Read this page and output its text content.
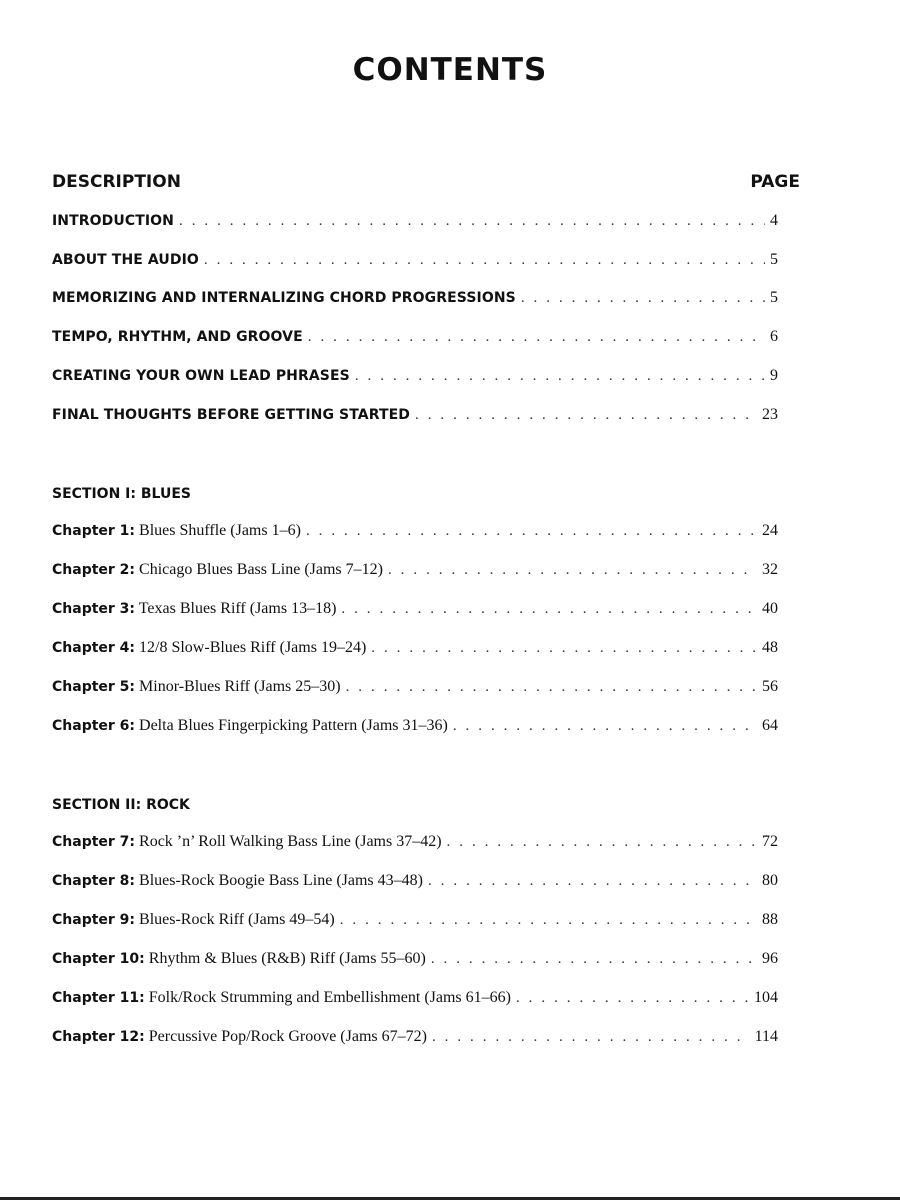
CONTENTS
DESCRIPTION	PAGE
INTRODUCTION . . .	4
ABOUT THE AUDIO . . .	5
MEMORIZING AND INTERNALIZING CHORD PROGRESSIONS . . .	5
TEMPO, RHYTHM, AND GROOVE . . .	6
CREATING YOUR OWN LEAD PHRASES . . .	9
FINAL THOUGHTS BEFORE GETTING STARTED . . .	23
SECTION I: BLUES
Chapter 1: Blues Shuffle (Jams 1–6) . . .	24
Chapter 2: Chicago Blues Bass Line (Jams 7–12) . . .	32
Chapter 3: Texas Blues Riff (Jams 13–18) . . .	40
Chapter 4: 12/8 Slow-Blues Riff (Jams 19–24) . . .	48
Chapter 5: Minor-Blues Riff (Jams 25–30) . . .	56
Chapter 6: Delta Blues Fingerpicking Pattern (Jams 31–36) . . .	64
SECTION II: ROCK
Chapter 7: Rock ’n’ Roll Walking Bass Line (Jams 37–42) . . .	72
Chapter 8: Blues-Rock Boogie Bass Line (Jams 43–48) . . .	80
Chapter 9: Blues-Rock Riff (Jams 49–54) . . .	88
Chapter 10: Rhythm & Blues (R&B) Riff (Jams 55–60) . . .	96
Chapter 11: Folk/Rock Strumming and Embellishment (Jams 61–66) . . .	104
Chapter 12: Percussive Pop/Rock Groove (Jams 67–72) . . .	114
